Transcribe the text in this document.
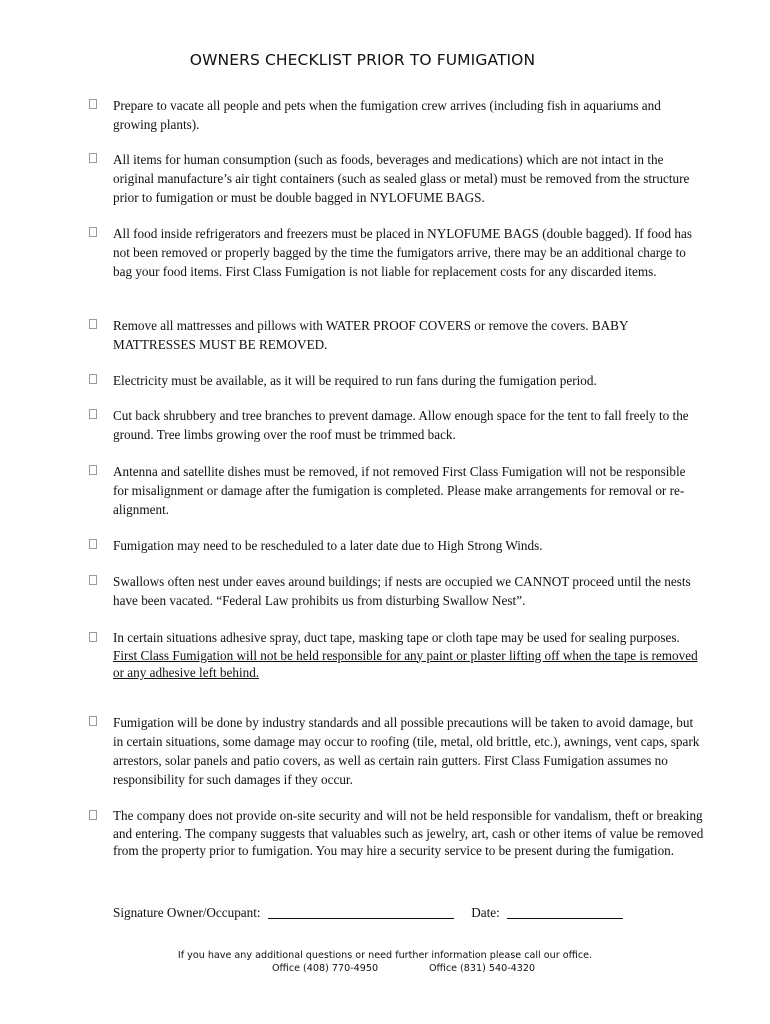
OWNERS CHECKLIST PRIOR TO FUMIGATION
Prepare to vacate all people and pets when the fumigation crew arrives (including fish in aquariums and growing plants).
All items for human consumption (such as foods, beverages and medications) which are not intact in the original manufacture’s air tight containers (such as sealed glass or metal) must be removed from the structure prior to fumigation or must be double bagged in NYLOFUME BAGS.
All food inside refrigerators and freezers must be placed in NYLOFUME BAGS (double bagged). If food has not been removed or properly bagged by the time the fumigators arrive, there may be an additional charge to bag your food items. First Class Fumigation is not liable for replacement costs for any discarded items.
Remove all mattresses and pillows with WATER PROOF COVERS or remove the covers. BABY MATTRESSES MUST BE REMOVED.
Electricity must be available, as it will be required to run fans during the fumigation period.
Cut back shrubbery and tree branches to prevent damage. Allow enough space for the tent to fall freely to the ground. Tree limbs growing over the roof must be trimmed back.
Antenna and satellite dishes must be removed, if not removed First Class Fumigation will not be responsible for misalignment or damage after the fumigation is completed. Please make arrangements for removal or re-alignment.
Fumigation may need to be rescheduled to a later date due to High Strong Winds.
Swallows often nest under eaves around buildings; if nests are occupied we CANNOT proceed until the nests have been vacated. “Federal Law prohibits us from disturbing Swallow Nest”.
In certain situations adhesive spray, duct tape, masking tape or cloth tape may be used for sealing purposes.  First Class Fumigation will not be held responsible for any paint or plaster lifting off when the tape is removed or any adhesive left behind.
Fumigation will be done by industry standards and all possible precautions will be taken to avoid damage, but in certain situations, some damage may occur to roofing (tile, metal, old brittle, etc.), awnings, vent caps, spark arrestors, solar panels and patio covers, as well as certain rain gutters. First Class Fumigation assumes no responsibility for such damages if they occur.
The company does not provide on-site security and will not be held responsible for vandalism, theft or breaking and entering. The company suggests that valuables such as jewelry, art, cash or other items of value be removed from the property prior to fumigation. You may hire a security service to be present during the fumigation.
Signature Owner/Occupant:	Date:
If you have any additional questions or need further information please call our office.
Office (408) 770-4950	Office (831) 540-4320
